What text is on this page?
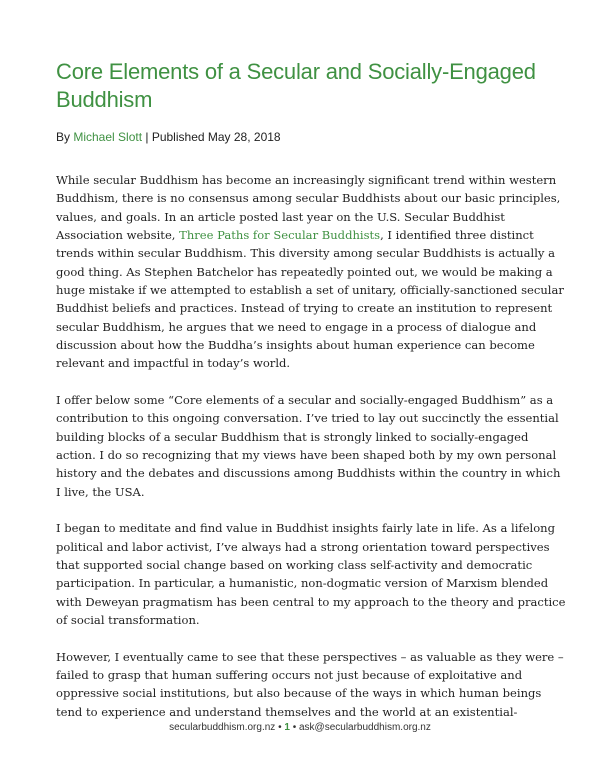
Core Elements of a Secular and Socially-Engaged Buddhism
By Michael Slott | Published May 28, 2018

While secular Buddhism has become an increasingly significant trend within western
Buddhism, there is no consensus among secular Buddhists about our basic principles,
values, and goals. In an article posted last year on the U.S. Secular Buddhist
Association website, Three Paths for Secular Buddhists, I identified three distinct
trends within secular Buddhism. This diversity among secular Buddhists is actually a
good thing. As Stephen Batchelor has repeatedly pointed out, we would be making a
huge mistake if we attempted to establish a set of unitary, officially-sanctioned secular
Buddhist beliefs and practices. Instead of trying to create an institution to represent
secular Buddhism, he argues that we need to engage in a process of dialogue and
discussion about how the Buddha’s insights about human experience can become
relevant and impactful in today’s world.

I offer below some “Core elements of a secular and socially-engaged Buddhism” as a
contribution to this ongoing conversation. I’ve tried to lay out succinctly the essential
building blocks of a secular Buddhism that is strongly linked to socially-engaged
action. I do so recognizing that my views have been shaped both by my own personal
history and the debates and discussions among Buddhists within the country in which
I live, the USA.

I began to meditate and find value in Buddhist insights fairly late in life. As a lifelong
political and labor activist, I’ve always had a strong orientation toward perspectives
that supported social change based on working class self-activity and democratic
participation. In particular, a humanistic, non-dogmatic version of Marxism blended
with Deweyan pragmatism has been central to my approach to the theory and practice
of social transformation.

However, I eventually came to see that these perspectives – as valuable as they were –
failed to grasp that human suffering occurs not just because of exploitative and
oppressive social institutions, but also because of the ways in which human beings
tend to experience and understand themselves and the world at an existential-

secularbuddhism.org.nz • 1 • ask@secularbuddhism.org.nz
